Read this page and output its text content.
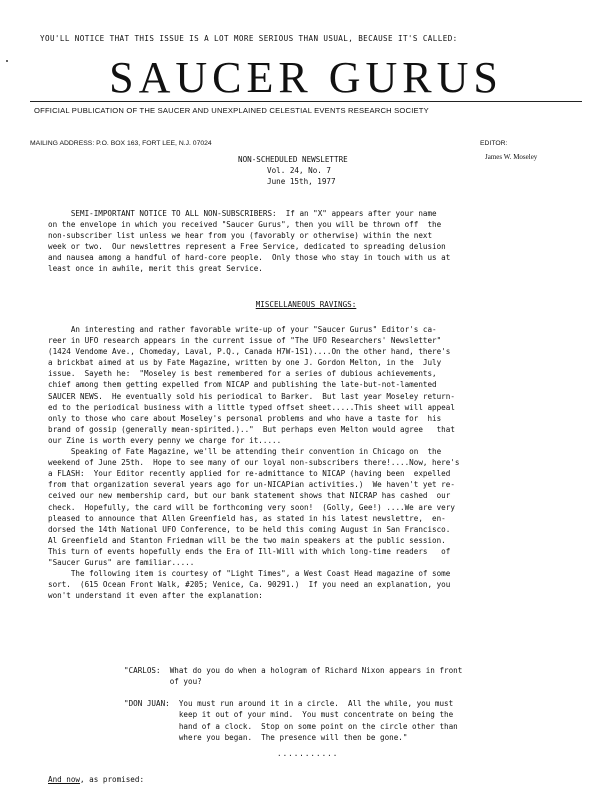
YOU'LL NOTICE THAT THIS ISSUE IS A LOT MORE SERIOUS THAN USUAL, BECAUSE IT'S CALLED:
SAUCER GURUS
OFFICIAL PUBLICATION OF THE SAUCER AND UNEXPLAINED CELESTIAL EVENTS RESEARCH SOCIETY
MAILING ADDRESS: P.O. BOX 163, FORT LEE, N.J. 07024	EDITOR:
James W. Moseley
NON-SCHEDULED NEWSLETTRE
Vol. 24, No. 7
June 15th, 1977
SEMI-IMPORTANT NOTICE TO ALL NON-SUBSCRIBERS:  If an "X" appears after your name
on the envelope in which you received "Saucer Gurus", then you will be thrown off  the
non-subscriber list unless we hear from you (favorably or otherwise) within the next
week or two.  Our newslettres represent a Free Service, dedicated to spreading delusion
and nausea among a handful of hard-core people.  Only those who stay in touch with us at
least once in awhile, merit this great Service.
MISCELLANEOUS RAVINGS:
An interesting and rather favorable write-up of your "Saucer Gurus" Editor's ca-
reer in UFO research appears in the current issue of "The UFO Researchers' Newsletter"
(1424 Vendome Ave., Chomeday, Laval, P.Q., Canada H7W-1S1)....On the other hand, there's
a brickbat aimed at us by Fate Magazine, written by one J. Gordon Melton, in the  July
issue.  Sayeth he:  "Moseley is best remembered for a series of dubious achievements,
chief among them getting expelled from NICAP and publishing the late-but-not-lamented
SAUCER NEWS.  He eventually sold his periodical to Barker.  But last year Moseley return-
ed to the periodical business with a little typed offset sheet.....This sheet will appeal
only to those who care about Moseley's personal problems and who have a taste for  his
brand of gossip (generally mean-spirited.).."  But perhaps even Melton would agree   that
our Zine is worth every penny we charge for it.....
Speaking of Fate Magazine, we'll be attending their convention in Chicago on  the
weekend of June 25th.  Hope to see many of our loyal non-subscribers there!....Now, here's
a FLASH:  Your Editor recently applied for re-admittance to NICAP (having been  expelled
from that organization several years ago for un-NICAPian activities.)  We haven't yet re-
ceived our new membership card, but our bank statement shows that NICRAP has cashed  our
check.  Hopefully, the card will be forthcoming very soon!  (Golly, Gee!) ....We are very
pleased to announce that Allen Greenfield has, as stated in his latest newslettre,  en-
dorsed the 14th National UFO Conference, to be held this coming August in San Francisco.
Al Greenfield and Stanton Friedman will be the two main speakers at the public session.
This turn of events hopefully ends the Era of Ill-Will with which long-time readers   of
"Saucer Gurus" are familiar.....
The following item is courtesy of "Light Times", a West Coast Head magazine of some
sort.  (615 Ocean Front Walk, #205; Venice, Ca. 90291.)  If you need an explanation, you
won't understand it even after the explanation:
"CARLOS:  What do you do when a hologram of Richard Nixon appears in front
of you?
"DON JUAN:  You must run around it in a circle.  All the while, you must
keep it out of your mind.  You must concentrate on being the
hand of a clock.  Stop on some point on the circle other than
where you began.  The presence will then be gone."
...........
And now, as promised:
